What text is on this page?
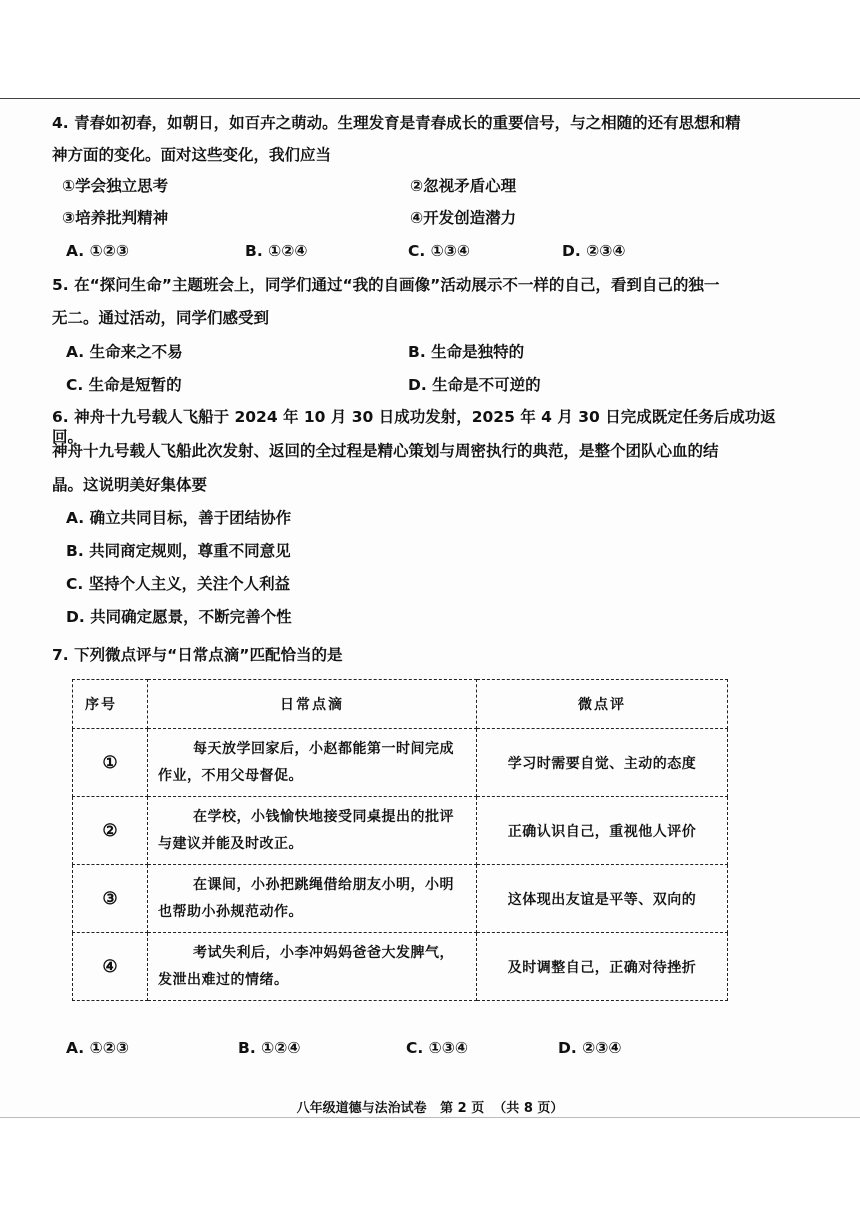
4. 青春如初春，如朝日，如百卉之萌动。生理发育是青春成长的重要信号，与之相随的还有思想和精

神方面的变化。面对这些变化，我们应当

①学会独立思考	②忽视矛盾心理

③培养批判精神	④开发创造潜力

A. ①②③	B. ①②④	C. ①③④	D. ②③④

5. 在“探问生命”主题班会上，同学们通过“我的自画像”活动展示不一样的自己，看到自己的独一

无二。通过活动，同学们感受到

A. 生命来之不易	B. 生命是独特的

C. 生命是短暂的	D. 生命是不可逆的

6. 神舟十九号载人飞船于 2024 年 10 月 30 日成功发射，2025 年 4 月 30 日完成既定任务后成功返回。

神舟十九号载人飞船此次发射、返回的全过程是精心策划与周密执行的典范，是整个团队心血的结

晶。这说明美好集体要

A. 确立共同目标，善于团结协作

B. 共同商定规则，尊重不同意见

C. 坚持个人主义，关注个人利益

D. 共同确定愿景，不断完善个性

7. 下列微点评与“日常点滴”匹配恰当的是

序号	日常点滴	微点评
①	每天放学回家后，小赵都能第一时间完成作业，不用父母督促。	学习时需要自觉、主动的态度
②	在学校，小钱愉快地接受同桌提出的批评与建议并能及时改正。	正确认识自己，重视他人评价
③	在课间，小孙把跳绳借给朋友小明，小明也帮助小孙规范动作。	这体现出友谊是平等、双向的
④	考试失利后，小李冲妈妈爸爸大发脾气，发泄出难过的情绪。	及时调整自己，正确对待挫折

A. ①②③	B. ①②④	C. ①③④	D. ②③④

八年级道德与法治试卷   第 2 页  （共 8 页）
